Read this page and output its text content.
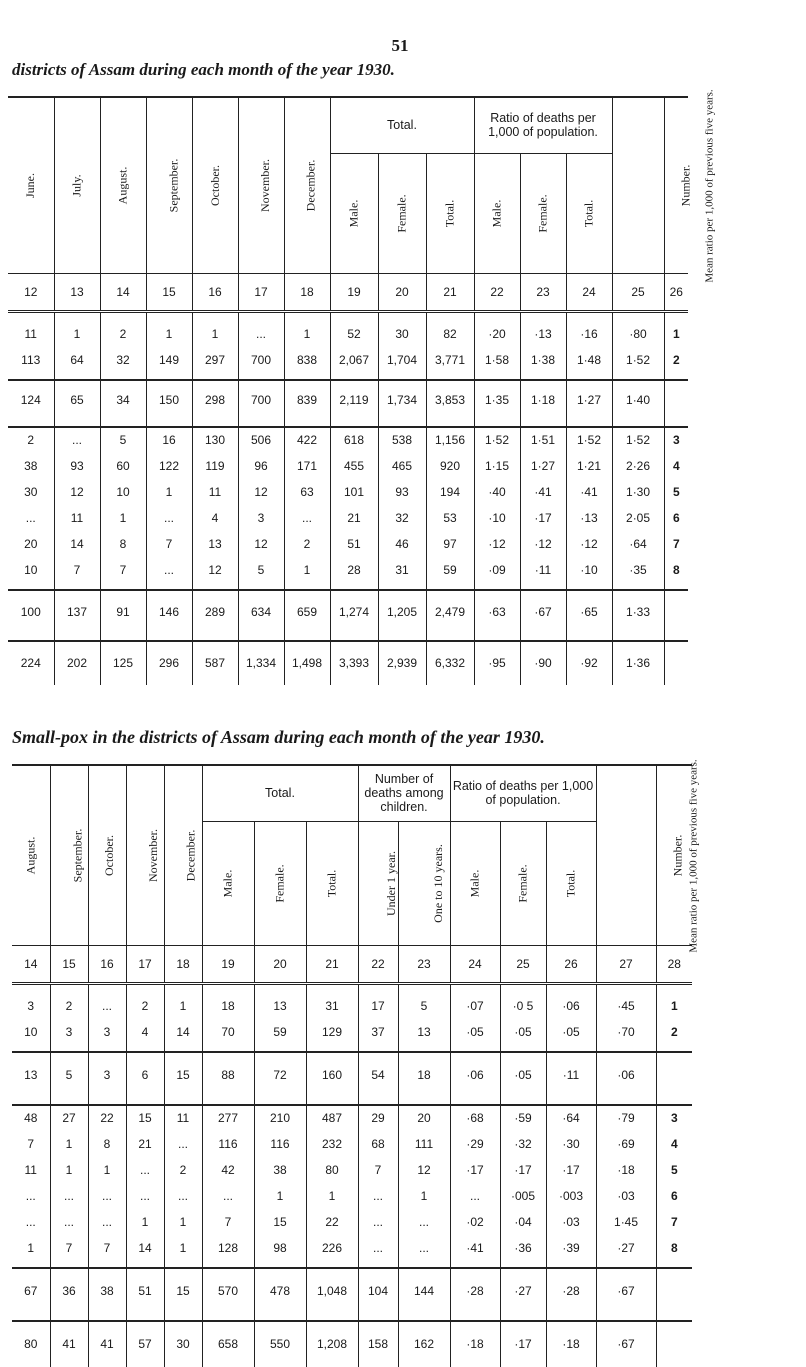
51
districts of Assam during each month of the year 1930.
June.	July.	August.	September.	October.	November.	December.	Total.			Ratio of deaths per 1,000 of population.			Mean ratio per 1,000 of previous five years.	Number.
							Male.	Female.	Total.	Male.	Female.	Total.		
12	13	14	15	16	17	18	19	20	21	22	23	24	25	26

11	1	2	1	1	...	1	52	30	82	·20	·13	·16	·80	1
113	64	32	149	297	700	838	2,067	1,704	3,771	1·58	1·38	1·48	1·52	2

124	65	34	150	298	700	839	2,119	1,734	3,853	1·35	1·18	1·27	1·40	

2	...	5	16	130	506	422	618	538	1,156	1·52	1·51	1·52	1·52	3
38	93	60	122	119	96	171	455	465	920	1·15	1·27	1·21	2·26	4
30	12	10	1	11	12	63	101	93	194	·40	·41	·41	1·30	5
...	11	1	...	4	3	...	21	32	53	·10	·17	·13	2·05	6
20	14	8	7	13	12	2	51	46	97	·12	·12	·12	·64	7
10	7	7	...	12	5	1	28	31	59	·09	·11	·10	·35	8

100	137	91	146	289	634	659	1,274	1,205	2,479	·63	·67	·65	1·33	

224	202	125	296	587	1,334	1,498	3,393	2,939	6,332	·95	·90	·92	1·36	
Small-pox in the districts of Assam during each month of the year 1930.
August.	September.	October.	November.	December.	Total.			Number of deaths among children.		Ratio of deaths per 1,000 of population.			Mean ratio per 1,000 of previous five years.	Number.
					Male.	Female.	Total.	Under 1 year.	One to 10 years.	Male.	Female.	Total.		
14	15	16	17	18	19	20	21	22	23	24	25	26	27	28

3	2	...	2	1	18	13	31	17	5	·07	·0 5	·06	·45	1
10	3	3	4	14	70	59	129	37	13	·05	·05	·05	·70	2

13	5	3	6	15	88	72	160	54	18	·06	·05	·11	·06	

48	27	22	15	11	277	210	487	29	20	·68	·59	·64	·79	3
7	1	8	21	...	116	116	232	68	111	·29	·32	·30	·69	4
11	1	1	...	2	42	38	80	7	12	·17	·17	·17	·18	5
...	...	...	...	...	...	1	1	...	1	...	·005	·003	·03	6
...	...	...	1	1	7	15	22	...	...	·02	·04	·03	1·45	7
1	7	7	14	1	128	98	226	...	...	·41	·36	·39	·27	8

67	36	38	51	15	570	478	1,048	104	144	·28	·27	·28	·67	

80	41	41	57	30	658	550	1,208	158	162	·18	·17	·18	·67	
